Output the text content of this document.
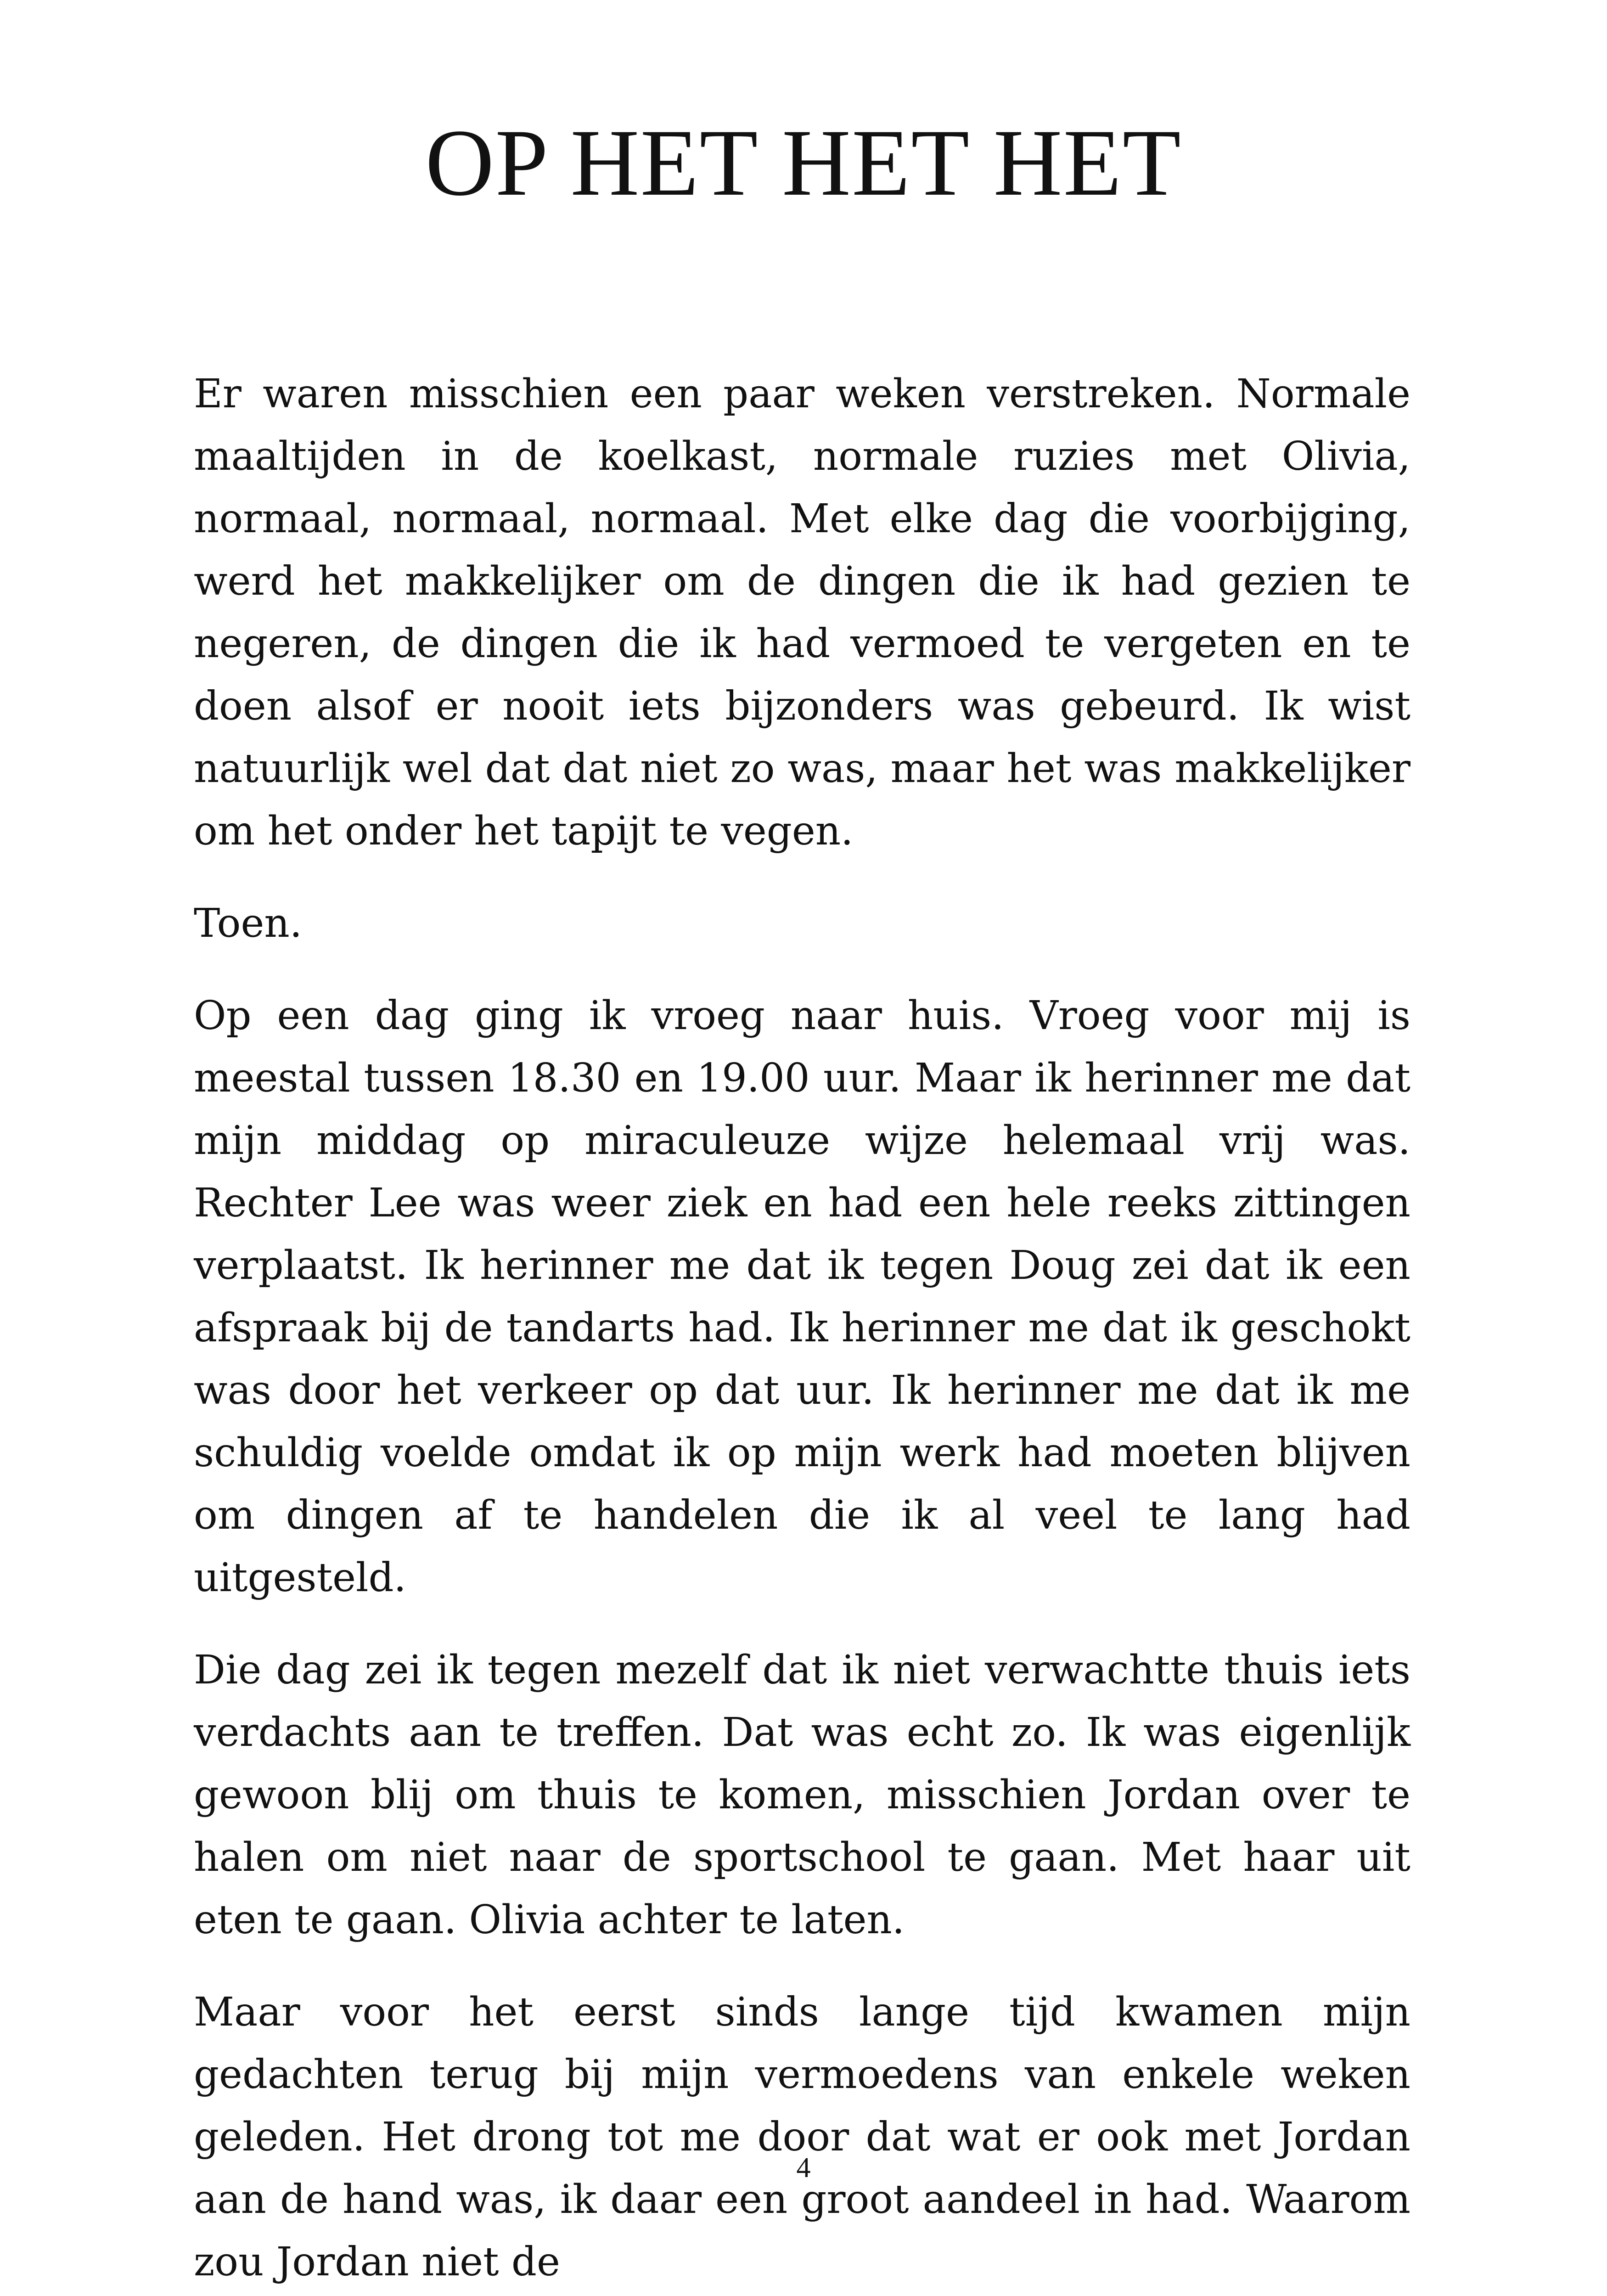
OP HET HET HET

Er waren misschien een paar weken verstreken. Normale maaltijden in de koelkast, normale ruzies met Olivia, normaal, normaal, normaal. Met elke dag die voorbijging, werd het makkelijker om de dingen die ik had gezien te negeren, de dingen die ik had vermoed te vergeten en te doen alsof er nooit iets bijzonders was gebeurd. Ik wist natuurlijk wel dat dat niet zo was, maar het was makkelijker om het onder het tapijt te vegen.

Toen.

Op een dag ging ik vroeg naar huis. Vroeg voor mij is meestal tussen 18.30 en 19.00 uur. Maar ik herinner me dat mijn middag op miraculeuze wijze helemaal vrij was. Rechter Lee was weer ziek en had een hele reeks zittingen verplaatst. Ik herinner me dat ik tegen Doug zei dat ik een afspraak bij de tandarts had. Ik herinner me dat ik geschokt was door het verkeer op dat uur. Ik herinner me dat ik me schuldig voelde omdat ik op mijn werk had moeten blijven om dingen af te handelen die ik al veel te lang had uitgesteld.

Die dag zei ik tegen mezelf dat ik niet verwachtte thuis iets verdachts aan te treffen. Dat was echt zo. Ik was eigenlijk gewoon blij om thuis te komen, misschien Jordan over te halen om niet naar de sportschool te gaan. Met haar uit eten te gaan. Olivia achter te laten.

Maar voor het eerst sinds lange tijd kwamen mijn gedachten terug bij mijn vermoedens van enkele weken geleden. Het drong tot me door dat wat er ook met Jordan aan de hand was, ik daar een groot aandeel in had. Waarom zou Jordan niet de

4
